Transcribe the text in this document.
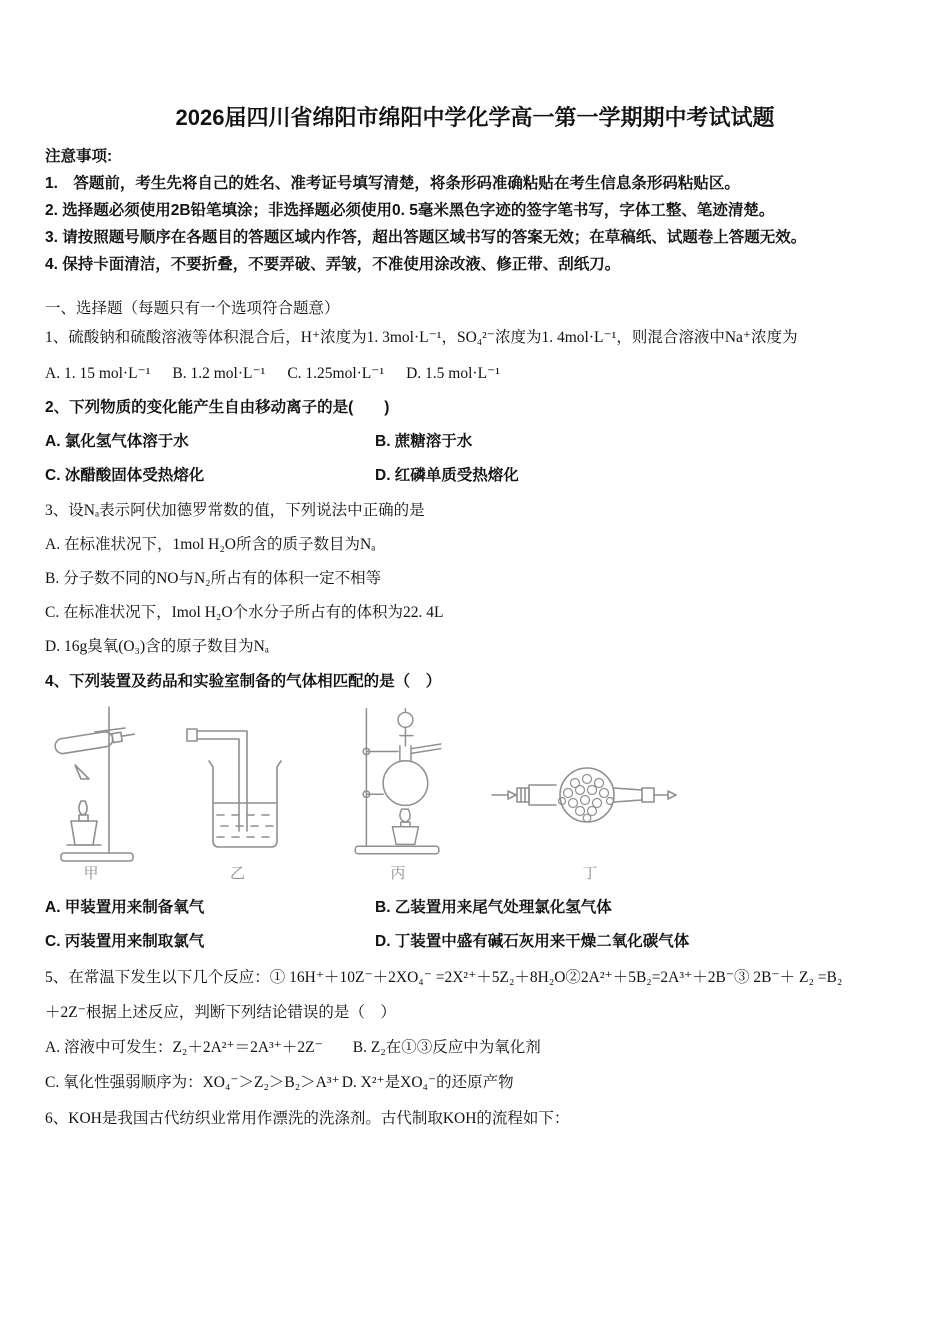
2026届四川省绵阳市绵阳中学化学高一第一学期期中考试试题
注意事项:
1.　答题前，考生先将自己的姓名、准考证号填写清楚，将条形码准确粘贴在考生信息条形码粘贴区。
2. 选择题必须使用2B铅笔填涂；非选择题必须使用0. 5毫米黑色字迹的签字笔书写，字体工整、笔迹清楚。
3. 请按照题号顺序在各题目的答题区域内作答，超出答题区域书写的答案无效；在草稿纸、试题卷上答题无效。
4. 保持卡面清洁，不要折叠，不要弄破、弄皱，不准使用涂改液、修正带、刮纸刀。
一、选择题（每题只有一个选项符合题意）
1、硫酸钠和硫酸溶液等体积混合后，H⁺浓度为1. 3mol·L⁻¹，SO₄²⁻浓度为1. 4mol·L⁻¹，则混合溶液中Na⁺浓度为
A. 1. 15 mol·L⁻¹ B. 1.2 mol·L⁻¹ C. 1.25mol·L⁻¹ D. 1.5 mol·L⁻¹
2、下列物质的变化能产生自由移动离子的是(　　)
A. 氯化氢气体溶于水	B. 蔗糖溶于水
C. 冰醋酸固体受热熔化	D. 红磷单质受热熔化
3、设Nₐ表示阿伏加德罗常数的值，下列说法中正确的是
A. 在标准状况下，1mol H₂O所含的质子数目为Nₐ
B. 分子数不同的NO与N₂所占有的体积一定不相等
C. 在标准状况下，Imol H₂O个水分子所占有的体积为22. 4L
D. 16g臭氧(O₃)含的原子数目为Nₐ
4、下列装置及药品和实验室制备的气体相匹配的是（　）
甲	乙	丙	丁
A. 甲装置用来制备氧气	B. 乙装置用来尾气处理氯化氢气体
C. 丙装置用来制取氯气	D. 丁装置中盛有碱石灰用来干燥二氧化碳气体
5、在常温下发生以下几个反应：① 16H⁺＋10Z⁻＋2XO₄⁻ =2X²⁺＋5Z₂＋8H₂O②2A²⁺＋5B₂=2A³⁺＋2B⁻③ 2B⁻＋ Z₂ =B₂
＋2Z⁻根据上述反应，判断下列结论错误的是（　）
A. 溶液中可发生：Z₂＋2A²⁺＝2A³⁺＋2Z⁻ B. Z₂在①③反应中为氧化剂
C. 氧化性强弱顺序为：XO₄⁻＞Z₂＞B₂＞A³⁺ D. X²⁺是XO₄⁻的还原产物
6、KOH是我国古代纺织业常用作漂洗的洗涤剂。古代制取KOH的流程如下：
